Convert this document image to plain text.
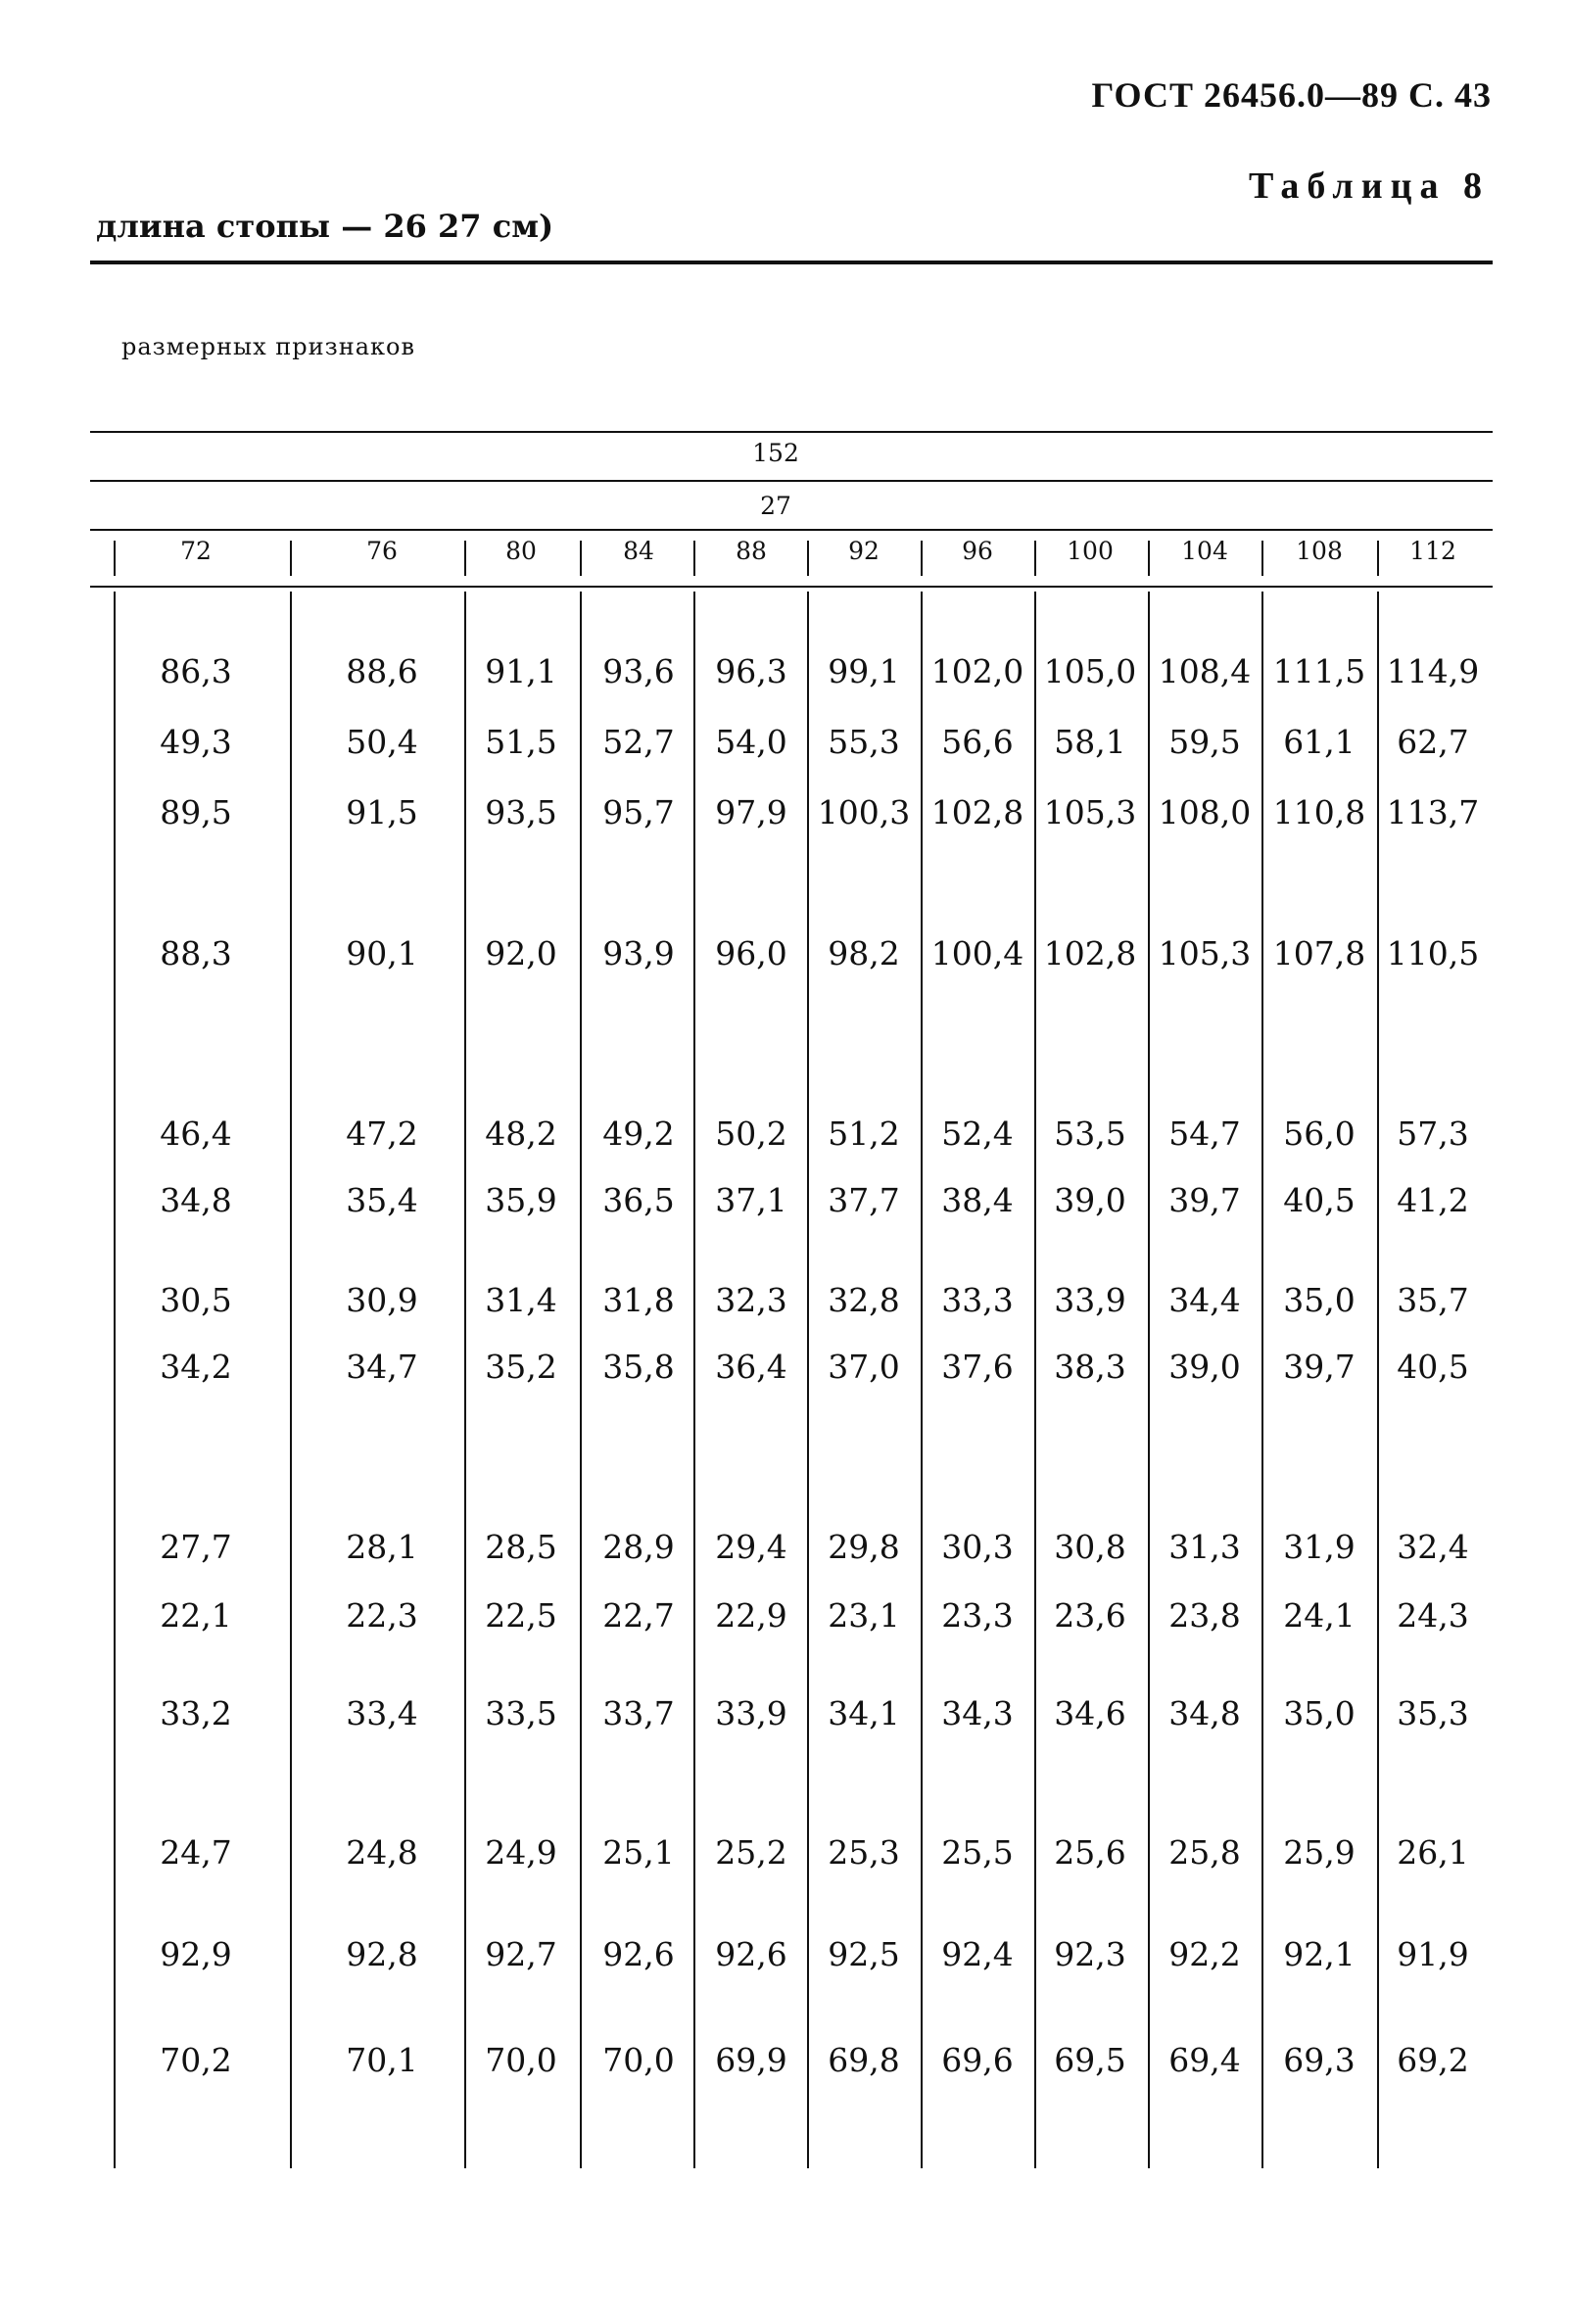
ГОСТ 26456.0—89 С. 43
Таблица 8
длина стопы — 26 27 см)
размерных признаков
152
27
72	76	80	84	88	92	96	100	104	108	112
86,3	88,6	91,1	93,6	96,3	99,1 102,0 105,0 108,4 111,5 114,9
49,3	50,4	51,5	52,7	54,0	55,3	56,6	58,1	59,5	61,1	62,7
89,5	91,5	93,5	95,7	97,9 100,3 102,8 105,3 108,0 110,8 113,7
88,3	90,1	92,0	93,9	96,0	98,2 100,4 102,8 105,3 107,8 110,5
46,4	47,2	48,2	49,2	50,2	51,2	52,4	53,5	54,7	56,0	57,3
34,8	35,4	35,9	36,5	37,1	37,7	38,4	39,0	39,7	40,5	41,2
30,5	30,9	31,4	31,8	32,3	32,8	33,3	33,9	34,4	35,0	35,7
34,2	34,7	35,2	35,8	36,4	37,0	37,6	38,3	39,0	39,7	40,5
27,7	28,1	28,5	28,9	29,4	29,8	30,3	30,8	31,3	31,9	32,4
22,1	22,3	22,5	22,7	22,9	23,1	23,3	23,6	23,8	24,1	24,3
33,2	33,4	33,5	33,7	33,9	34,1	34,3	34,6	34,8	35,0	35,3
24,7	24,8	24,9	25,1	25,2	25,3	25,5	25,6	25,8	25,9	26,1
92,9	92,8	92,7	92,6	92,6	92,5	92,4	92,3	92,2	92,1	91,9
70,2	70,1	70,0	70,0	69,9	69,8	69,6	69,5	69,4	69,3	69,2
